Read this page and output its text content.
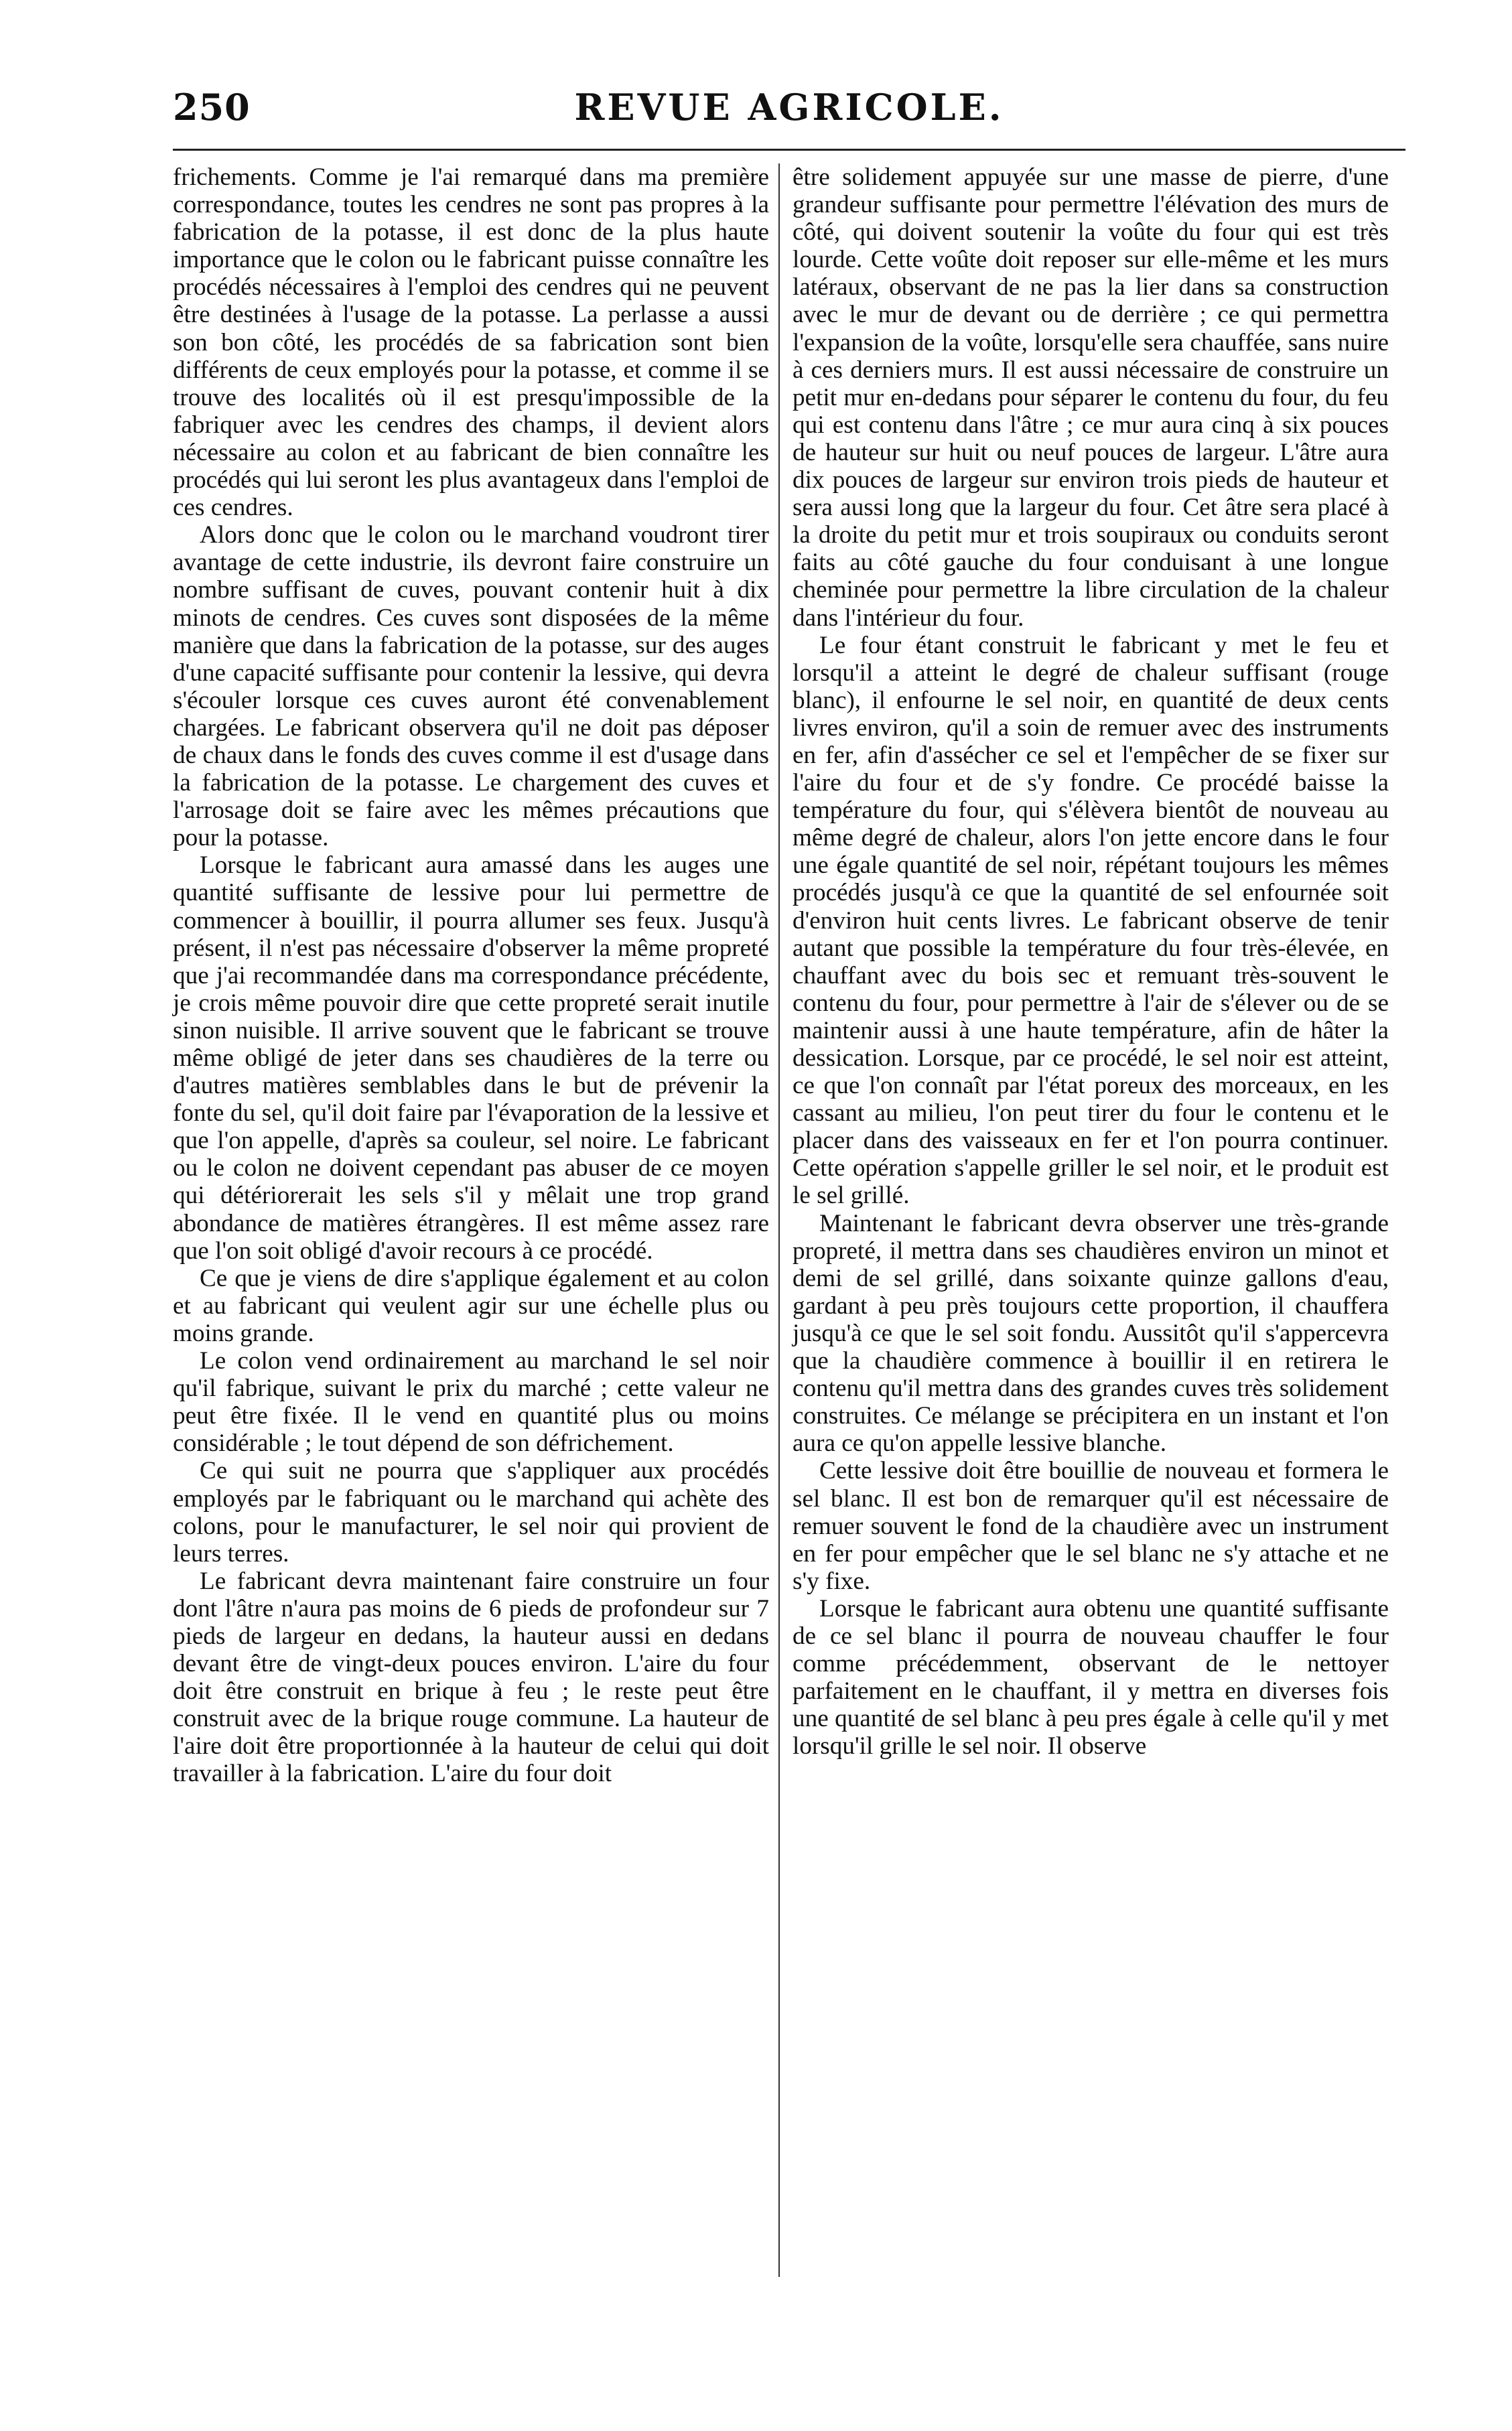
250	REVUE AGRICOLE.

frichements. Comme je l'ai remarqué dans ma première correspondance, toutes les cendres ne sont pas propres à la fabrication de la potasse, il est donc de la plus haute importance que le colon ou le fabricant puisse connaître les procédés nécessaires à l'emploi des cendres qui ne peuvent être destinées à l'usage de la potasse. La perlasse a aussi son bon côté, les procédés de sa fabrication sont bien différents de ceux employés pour la potasse, et comme il se trouve des localités où il est presqu'impossible de la fabriquer avec les cendres des champs, il devient alors nécessaire au colon et au fabricant de bien connaître les procédés qui lui seront les plus avantageux dans l'emploi de ces cendres.

Alors donc que le colon ou le marchand voudront tirer avantage de cette industrie, ils devront faire construire un nombre suffisant de cuves, pouvant contenir huit à dix minots de cendres. Ces cuves sont disposées de la même manière que dans la fabrication de la potasse, sur des auges d'une capacité suffisante pour contenir la lessive, qui devra s'écouler lorsque ces cuves auront été convenablement chargées. Le fabricant observera qu'il ne doit pas déposer de chaux dans le fonds des cuves comme il est d'usage dans la fabrication de la potasse. Le chargement des cuves et l'arrosage doit se faire avec les mêmes précautions que pour la potasse.

Lorsque le fabricant aura amassé dans les auges une quantité suffisante de lessive pour lui permettre de commencer à bouillir, il pourra allumer ses feux. Jusqu'à présent, il n'est pas nécessaire d'observer la même propreté que j'ai recommandée dans ma correspondance précédente, je crois même pouvoir dire que cette propreté serait inutile sinon nuisible. Il arrive souvent que le fabricant se trouve même obligé de jeter dans ses chaudières de la terre ou d'autres matières semblables dans le but de prévenir la fonte du sel, qu'il doit faire par l'évaporation de la lessive et que l'on appelle, d'après sa couleur, sel noire. Le fabricant ou le colon ne doivent cependant pas abuser de ce moyen qui détériorerait les sels s'il y mêlait une trop grand abondance de matières étrangères. Il est même assez rare que l'on soit obligé d'avoir recours à ce procédé.

Ce que je viens de dire s'applique également et au colon et au fabricant qui veulent agir sur une échelle plus ou moins grande.

Le colon vend ordinairement au marchand le sel noir qu'il fabrique, suivant le prix du marché ; cette valeur ne peut être fixée. Il le vend en quantité plus ou moins considérable ; le tout dépend de son défrichement.

Ce qui suit ne pourra que s'appliquer aux procédés employés par le fabriquant ou le marchand qui achète des colons, pour le manufacturer, le sel noir qui provient de leurs terres.

Le fabricant devra maintenant faire construire un four dont l'âtre n'aura pas moins de 6 pieds de profondeur sur 7 pieds de largeur en dedans, la hauteur aussi en dedans devant être de vingt-deux pouces environ. L'aire du four doit être construit en brique à feu ; le reste peut être construit avec de la brique rouge commune. La hauteur de l'aire doit être proportionnée à la hauteur de celui qui doit travailler à la fabrication. L'aire du four doit

être solidement appuyée sur une masse de pierre, d'une grandeur suffisante pour permettre l'élévation des murs de côté, qui doivent soutenir la voûte du four qui est très lourde. Cette voûte doit reposer sur elle-même et les murs latéraux, observant de ne pas la lier dans sa construction avec le mur de devant ou de derrière ; ce qui permettra l'expansion de la voûte, lorsqu'elle sera chauffée, sans nuire à ces derniers murs. Il est aussi nécessaire de construire un petit mur en-dedans pour séparer le contenu du four, du feu qui est contenu dans l'âtre ; ce mur aura cinq à six pouces de hauteur sur huit ou neuf pouces de largeur. L'âtre aura dix pouces de largeur sur environ trois pieds de hauteur et sera aussi long que la largeur du four. Cet âtre sera placé à la droite du petit mur et trois soupiraux ou conduits seront faits au côté gauche du four conduisant à une longue cheminée pour permettre la libre circulation de la chaleur dans l'intérieur du four.

Le four étant construit le fabricant y met le feu et lorsqu'il a atteint le degré de chaleur suffisant (rouge blanc), il enfourne le sel noir, en quantité de deux cents livres environ, qu'il a soin de remuer avec des instruments en fer, afin d'assécher ce sel et l'empêcher de se fixer sur l'aire du four et de s'y fondre. Ce procédé baisse la température du four, qui s'élèvera bientôt de nouveau au même degré de chaleur, alors l'on jette encore dans le four une égale quantité de sel noir, répétant toujours les mêmes procédés jusqu'à ce que la quantité de sel enfournée soit d'environ huit cents livres. Le fabricant observe de tenir autant que possible la température du four très-élevée, en chauffant avec du bois sec et remuant très-souvent le contenu du four, pour permettre à l'air de s'élever ou de se maintenir aussi à une haute température, afin de hâter la dessication. Lorsque, par ce procédé, le sel noir est atteint, ce que l'on connaît par l'état poreux des morceaux, en les cassant au milieu, l'on peut tirer du four le contenu et le placer dans des vaisseaux en fer et l'on pourra continuer. Cette opération s'appelle griller le sel noir, et le produit est le sel grillé.

Maintenant le fabricant devra observer une très-grande propreté, il mettra dans ses chaudières environ un minot et demi de sel grillé, dans soixante quinze gallons d'eau, gardant à peu près toujours cette proportion, il chauffera jusqu'à ce que le sel soit fondu. Aussitôt qu'il s'appercevra que la chaudière commence à bouillir il en retirera le contenu qu'il mettra dans des grandes cuves très solidement construites. Ce mélange se précipitera en un instant et l'on aura ce qu'on appelle lessive blanche.

Cette lessive doit être bouillie de nouveau et formera le sel blanc. Il est bon de remarquer qu'il est nécessaire de remuer souvent le fond de la chaudière avec un instrument en fer pour empêcher que le sel blanc ne s'y attache et ne s'y fixe.

Lorsque le fabricant aura obtenu une quantité suffisante de ce sel blanc il pourra de nouveau chauffer le four comme précédemment, observant de le nettoyer parfaitement en le chauffant, il y mettra en diverses fois une quantité de sel blanc à peu pres égale à celle qu'il y met lorsqu'il grille le sel noir. Il observe
